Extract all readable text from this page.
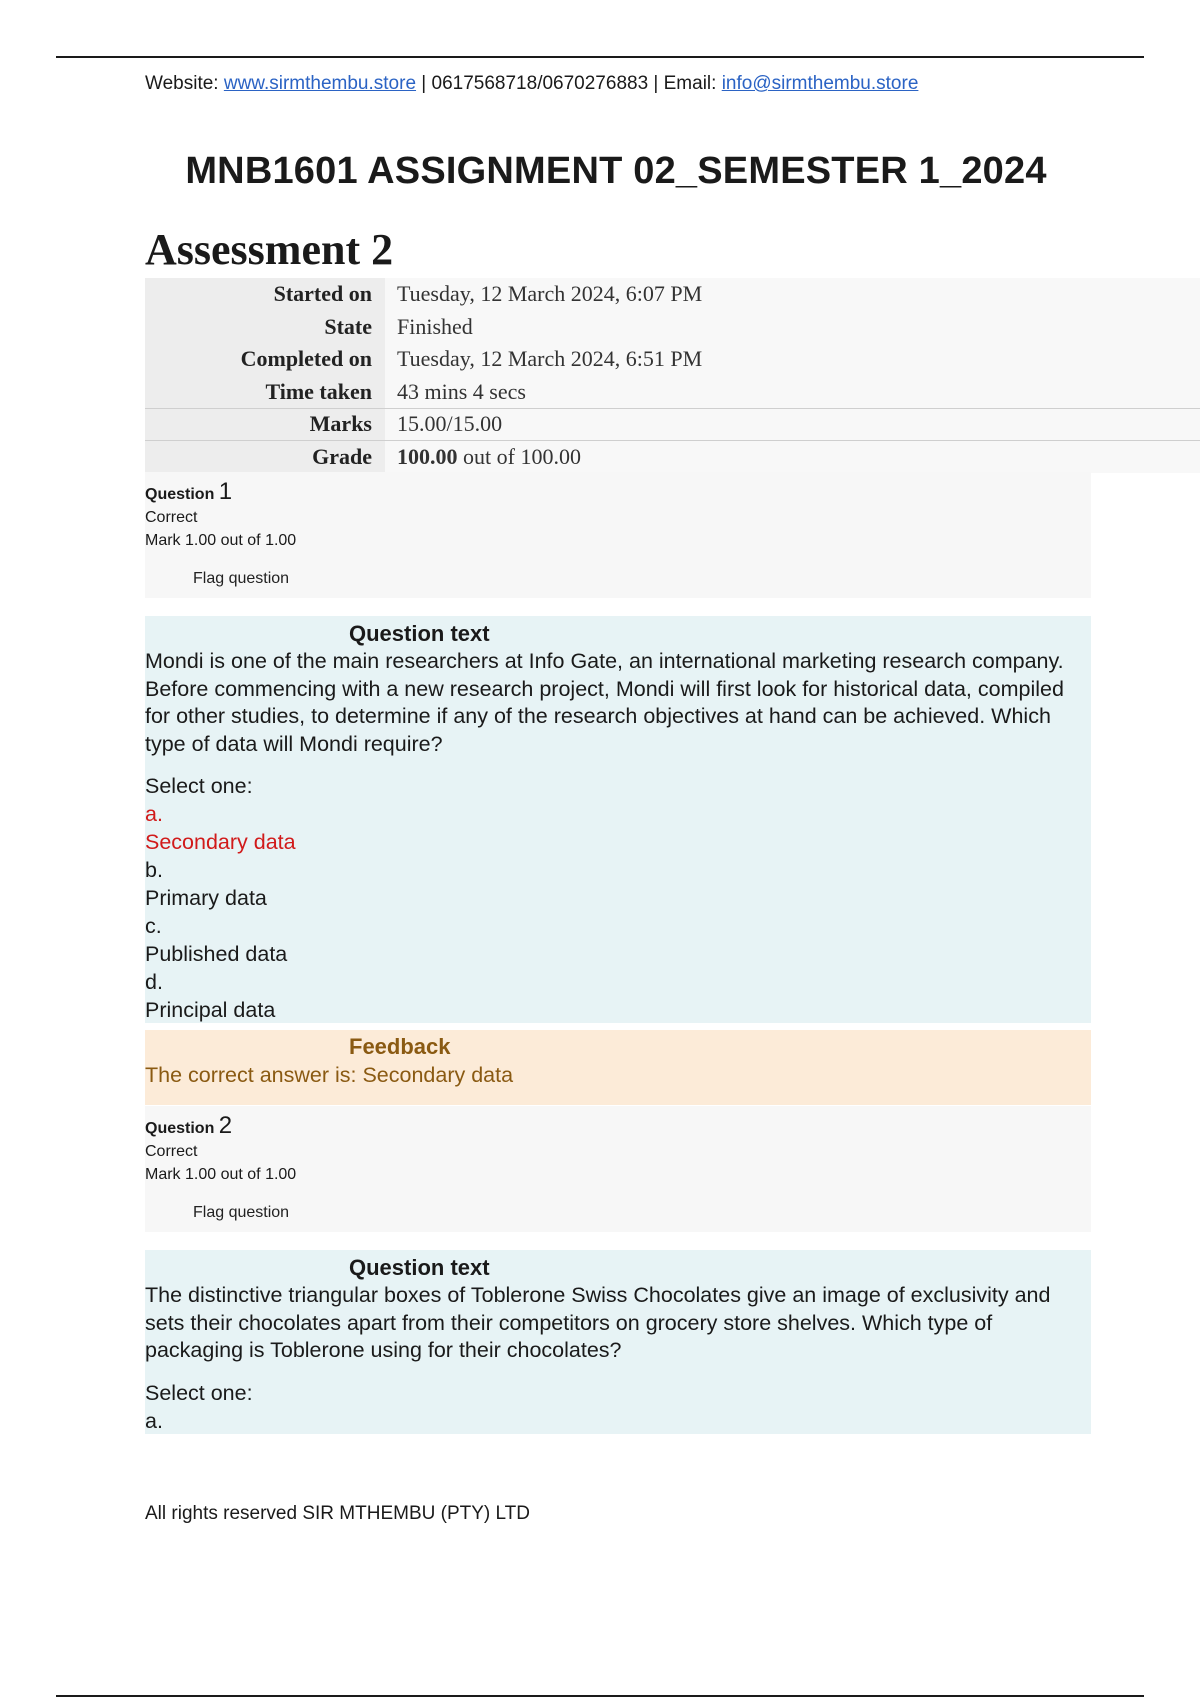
Website: www.sirmthembu.store | 0617568718/0670276883 | Email: info@sirmthembu.store
MNB1601 ASSIGNMENT 02_SEMESTER 1_2024
Assessment 2
Started on	Tuesday, 12 March 2024, 6:07 PM
State	Finished
Completed on	Tuesday, 12 March 2024, 6:51 PM
Time taken	43 mins 4 secs
Marks	15.00/15.00
Grade	100.00 out of 100.00
Question 1
Correct
Mark 1.00 out of 1.00
Flag question
Question text
Mondi is one of the main researchers at Info Gate, an international marketing research company. Before commencing with a new research project, Mondi will first look for historical data, compiled for other studies, to determine if any of the research objectives at hand can be achieved. Which type of data will Mondi require?
Select one:
a.
Secondary data
b.
Primary data
c.
Published data
d.
Principal data
Feedback
The correct answer is: Secondary data
Question 2
Correct
Mark 1.00 out of 1.00
Flag question
Question text
The distinctive triangular boxes of Toblerone Swiss Chocolates give an image of exclusivity and sets their chocolates apart from their competitors on grocery store shelves. Which type of packaging is Toblerone using for their chocolates?
Select one:
a.
All rights reserved SIR MTHEMBU (PTY) LTD
